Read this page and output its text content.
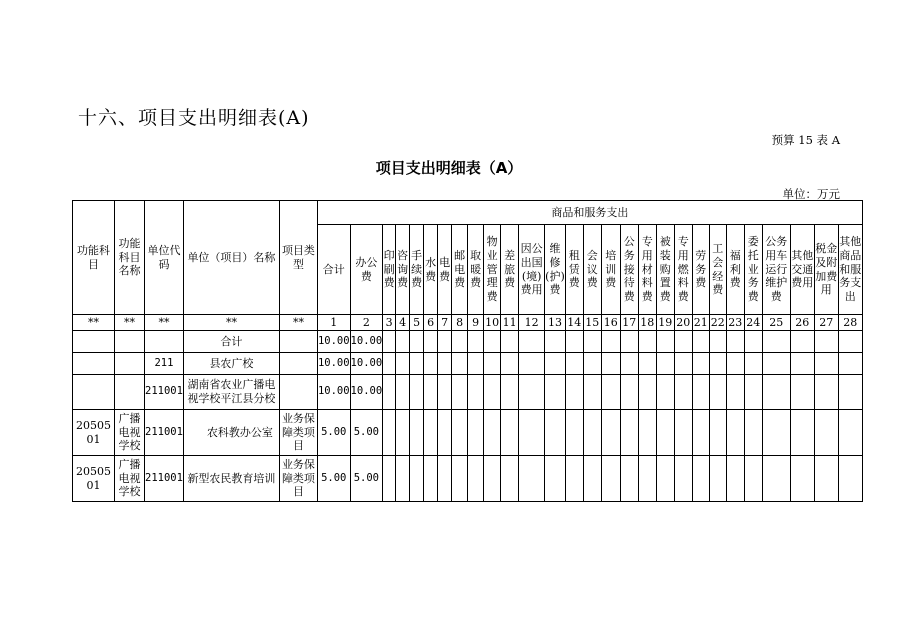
十六、项目支出明细表(A)
预算 15 表 A
项目支出明细表（A）
单位：万元
功能科目	功能科目名称	单位代码	单位（项目）名称	项目类型	商品和服务支出																											
					合计	办公费	印刷费	咨询费	手续费	水费	电费	邮电费	取暖费	物业管理费	差旅费	因公出国(境)费用	维修(护)费	租赁费	会议费	培训费	公务接待费	专用材料费	被装购置费	专用燃料费	劳务费	工会经费	福利费	委托业务费	公务用车运行维护费	其他交通费用	税金及附加费用	其他商品和服务支出
**	**	**	**	**	1	2	3	4	5	6	7	8	9	10	11	12	13	14	15	16	17	18	19	20	21	22	23	24	25	26	27	28
			合计		10.00	10.00																										
		211	县农广校		10.00	10.00																										
		211001	湖南省农业广播电视学校平江县分校		10.00	10.00																										
2050501	广播电视学校	211001	农科教办公室	业务保障类项目	5.00	5.00																										
2050501	广播电视学校	211001	新型农民教育培训	业务保障类项目	5.00	5.00																										
